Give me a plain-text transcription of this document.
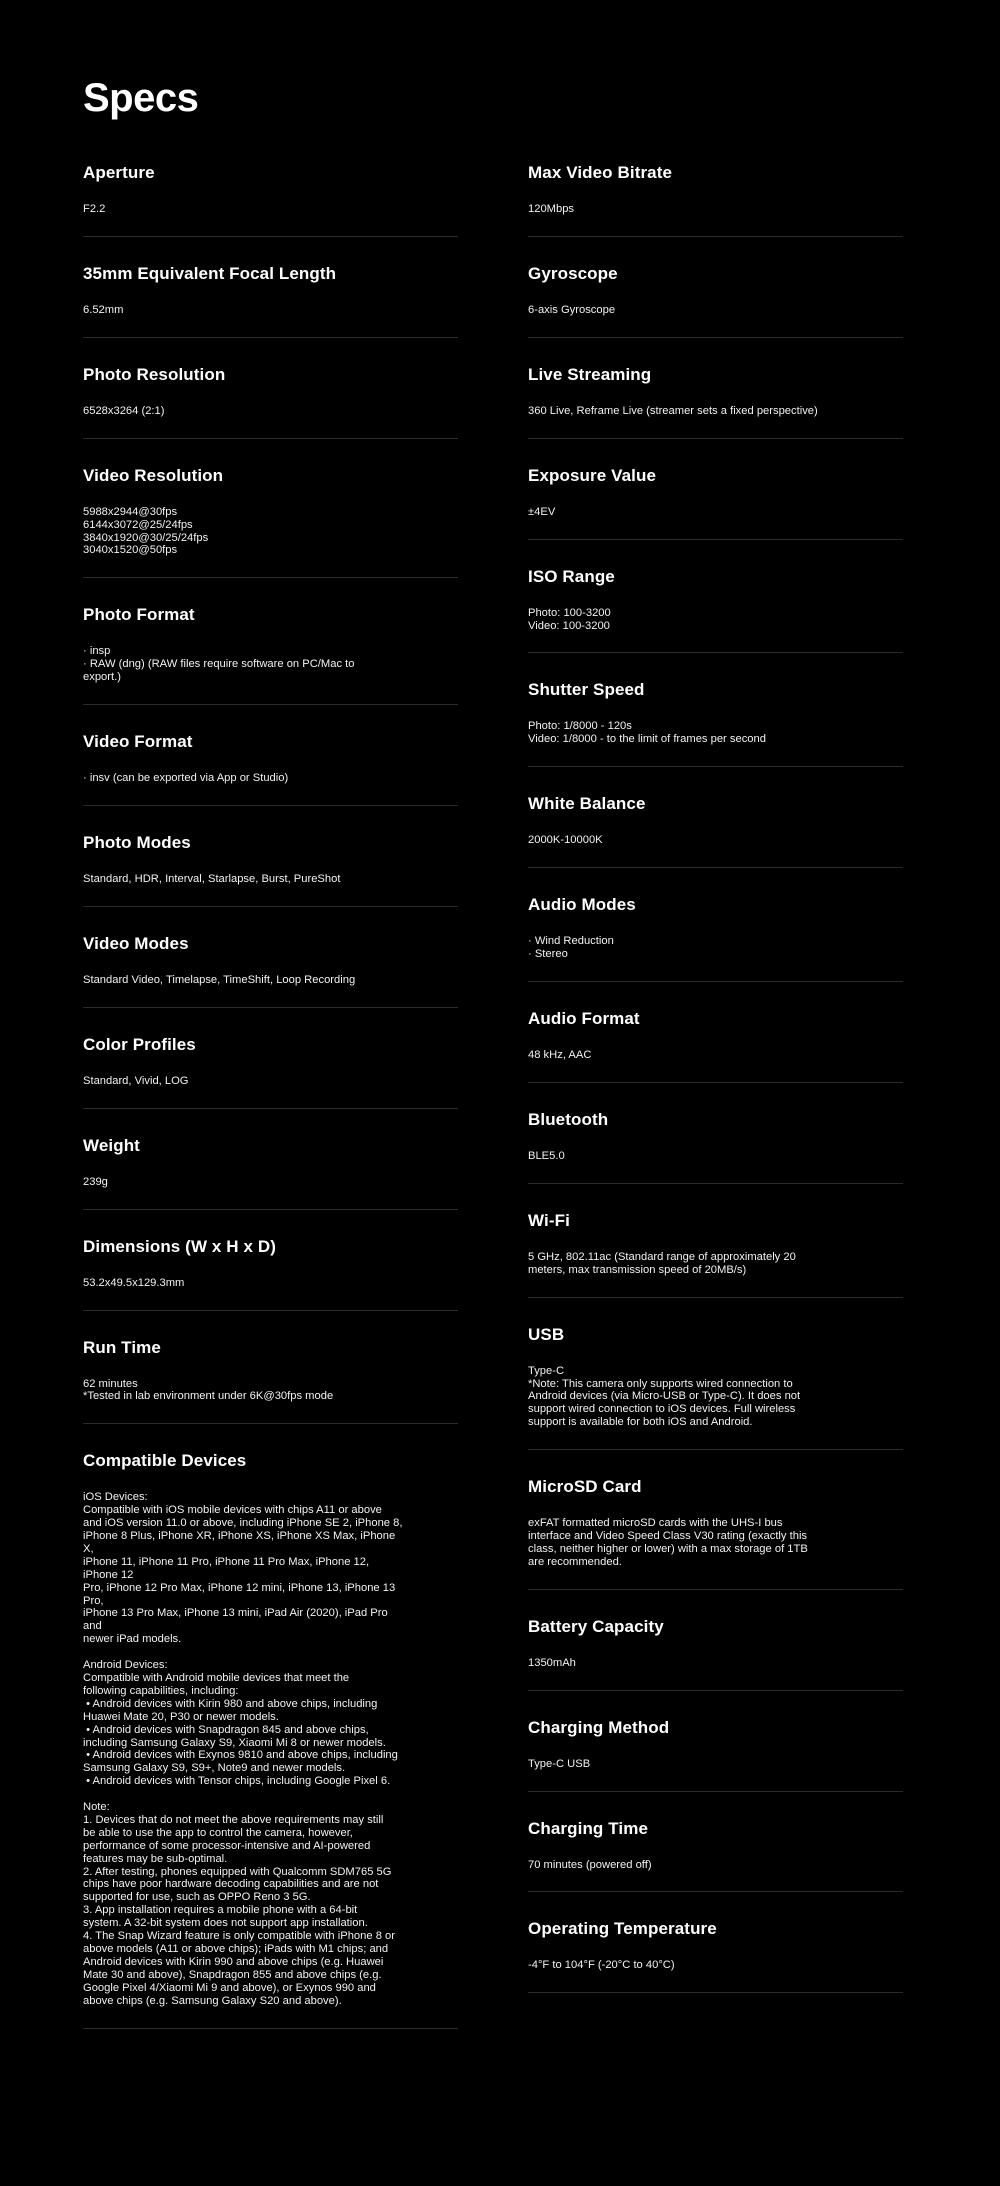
Specs
Aperture
F2.2
35mm Equivalent Focal Length
6.52mm
Photo Resolution
6528x3264 (2:1)
Video Resolution
5988x2944@30fps
6144x3072@25/24fps
3840x1920@30/25/24fps
3040x1520@50fps
Photo Format
· insp
· RAW (dng) (RAW files require software on PC/Mac to
export.)
Video Format
· insv (can be exported via App or Studio)
Photo Modes
Standard, HDR, Interval, Starlapse, Burst, PureShot
Video Modes
Standard Video, Timelapse, TimeShift, Loop Recording
Color Profiles
Standard, Vivid, LOG
Weight
239g
Dimensions (W x H x D)
53.2x49.5x129.3mm
Run Time
62 minutes
*Tested in lab environment under 6K@30fps mode
Compatible Devices
iOS Devices:
Compatible with iOS mobile devices with chips A11 or above
and iOS version 11.0 or above, including iPhone SE 2, iPhone 8,
iPhone 8 Plus, iPhone XR, iPhone XS, iPhone XS Max, iPhone X,
iPhone 11, iPhone 11 Pro, iPhone 11 Pro Max, iPhone 12, iPhone 12
Pro, iPhone 12 Pro Max, iPhone 12 mini, iPhone 13, iPhone 13 Pro,
iPhone 13 Pro Max, iPhone 13 mini, iPad Air (2020), iPad Pro and
newer iPad models.
Android Devices:
Compatible with Android mobile devices that meet the
following capabilities, including:
• Android devices with Kirin 980 and above chips, including
Huawei Mate 20, P30 or newer models.
• Android devices with Snapdragon 845 and above chips,
including Samsung Galaxy S9, Xiaomi Mi 8 or newer models.
• Android devices with Exynos 9810 and above chips, including
Samsung Galaxy S9, S9+, Note9 and newer models.
• Android devices with Tensor chips, including Google Pixel 6.
Note:
1. Devices that do not meet the above requirements may still
be able to use the app to control the camera, however,
performance of some processor-intensive and AI-powered
features may be sub-optimal.
2. After testing, phones equipped with Qualcomm SDM765 5G
chips have poor hardware decoding capabilities and are not
supported for use, such as OPPO Reno 3 5G.
3. App installation requires a mobile phone with a 64-bit
system. A 32-bit system does not support app installation.
4. The Snap Wizard feature is only compatible with iPhone 8 or
above models (A11 or above chips); iPads with M1 chips; and
Android devices with Kirin 990 and above chips (e.g. Huawei
Mate 30 and above), Snapdragon 855 and above chips (e.g.
Google Pixel 4/Xiaomi Mi 9 and above), or Exynos 990 and
above chips (e.g. Samsung Galaxy S20 and above).
Max Video Bitrate
120Mbps
Gyroscope
6-axis Gyroscope
Live Streaming
360 Live, Reframe Live (streamer sets a fixed perspective)
Exposure Value
±4EV
ISO Range
Photo: 100-3200
Video: 100-3200
Shutter Speed
Photo: 1/8000 - 120s
Video: 1/8000 - to the limit of frames per second
White Balance
2000K-10000K
Audio Modes
· Wind Reduction
· Stereo
Audio Format
48 kHz, AAC
Bluetooth
BLE5.0
Wi-Fi
5 GHz, 802.11ac (Standard range of approximately 20
meters, max transmission speed of 20MB/s)
USB
Type-C
*Note: This camera only supports wired connection to
Android devices (via Micro-USB or Type-C). It does not
support wired connection to iOS devices. Full wireless
support is available for both iOS and Android.
MicroSD Card
exFAT formatted microSD cards with the UHS-I bus
interface and Video Speed Class V30 rating (exactly this
class, neither higher or lower) with a max storage of 1TB
are recommended.
Battery Capacity
1350mAh
Charging Method
Type-C USB
Charging Time
70 minutes (powered off)
Operating Temperature
-4°F to 104°F (-20°C to 40°C)
